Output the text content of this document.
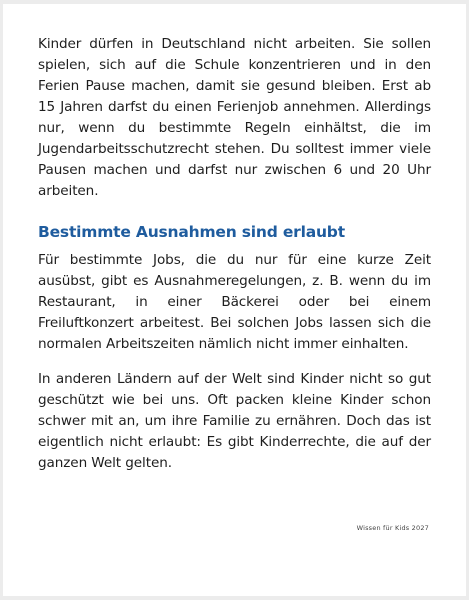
Kinder dürfen in Deutschland nicht arbeiten. Sie sollen spielen, sich auf die Schule konzentrieren und in den Ferien Pause machen, damit sie gesund bleiben. Erst ab 15 Jahren darfst du einen Ferienjob annehmen. Allerdings nur, wenn du bestimmte Regeln einhältst, die im Jugendarbeitsschutzrecht stehen. Du solltest immer viele Pausen machen und darfst nur zwischen 6 und 20 Uhr arbeiten.

Bestimmte Ausnahmen sind erlaubt

Für bestimmte Jobs, die du nur für eine kurze Zeit ausübst, gibt es Ausnahmeregelungen, z. B. wenn du im Restaurant, in einer Bäckerei oder bei einem Freiluftkonzert arbeitest. Bei solchen Jobs lassen sich die normalen Arbeitszeiten nämlich nicht immer einhalten.

In anderen Ländern auf der Welt sind Kinder nicht so gut geschützt wie bei uns. Oft packen kleine Kinder schon schwer mit an, um ihre Familie zu ernähren. Doch das ist eigentlich nicht erlaubt: Es gibt Kinderrechte, die auf der ganzen Welt gelten.

Wissen für Kids 2027
